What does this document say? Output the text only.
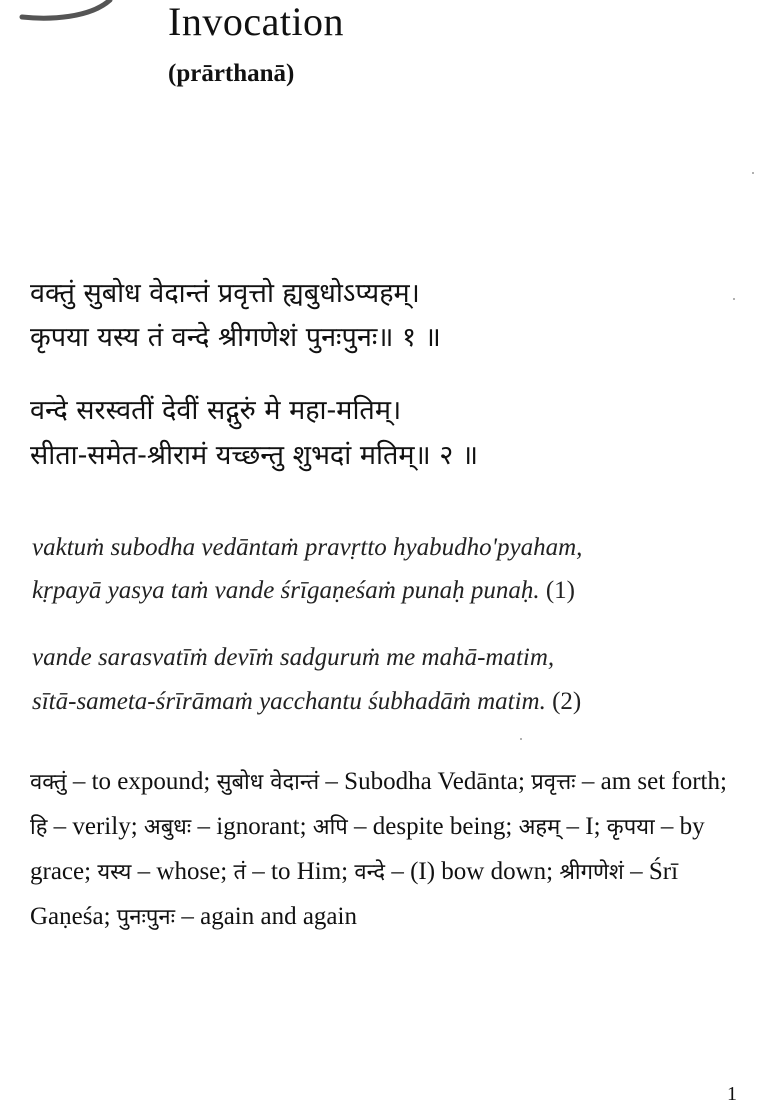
Invocation
(prārthanā)
वक्तुं सुबोध वेदान्तं प्रवृत्तो ह्यबुधोऽप्यहम्।
कृपया यस्य तं वन्दे श्रीगणेशं पुनःपुनः॥ १ ॥
वन्दे सरस्वतीं देवीं सद्गुरुं मे महा-मतिम्।
सीता-समेत-श्रीरामं यच्छन्तु शुभदां मतिम्॥ २ ॥
vaktuṁ subodha vedāntaṁ pravṛtto hyabudho'pyaham,
kṛpayā yasya taṁ vande śrīgaṇeśaṁ punaḥ punaḥ. (1)
vande sarasvatīṁ devīṁ sadguruṁ me mahā-matim,
sītā-sameta-śrīrāmaṁ yacchantu śubhadāṁ matim. (2)
वक्तुं – to expound; सुबोध वेदान्तं – Subodha Vedānta; प्रवृत्तः – am set forth; हि – verily; अबुधः – ignorant; अपि – despite being; अहम् – I; कृपया – by grace; यस्य – whose; तं – to Him; वन्दे – (I) bow down; श्रीगणेशं – Śrī Gaṇeśa; पुनःपुनः – again and again
1
